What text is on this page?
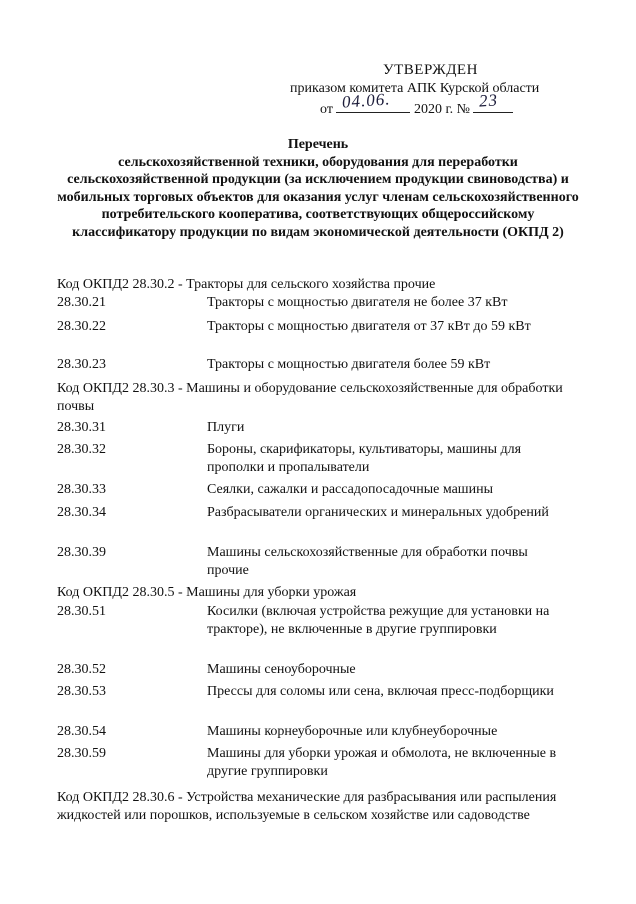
УТВЕРЖДЕН
приказом комитета АПК Курской области
от 04.06. 2020 г. № 23
Перечень
сельскохозяйственной техники, оборудования для переработки сельскохозяйственной продукции (за исключением продукции свиноводства) и мобильных торговых объектов для оказания услуг членам сельскохозяйственного потребительского кооператива, соответствующих общероссийскому классификатору продукции по видам экономической деятельности (ОКПД 2)
Код ОКПД2 28.30.2 - Тракторы для сельского хозяйства прочие
28.30.21	Тракторы с мощностью двигателя не более 37 кВт
28.30.22	Тракторы с мощностью двигателя от 37 кВт до 59 кВт
28.30.23	Тракторы с мощностью двигателя более 59 кВт
Код ОКПД2 28.30.3 - Машины и оборудование сельскохозяйственные для обработки почвы
28.30.31	Плуги
28.30.32	Бороны, скарификаторы, культиваторы, машины для прополки и пропалыватели
28.30.33	Сеялки, сажалки и рассадопосадочные машины
28.30.34	Разбрасыватели органических и минеральных удобрений
28.30.39	Машины сельскохозяйственные для обработки почвы прочие
Код ОКПД2 28.30.5 - Машины для уборки урожая
28.30.51	Косилки (включая устройства режущие для установки на тракторе), не включенные в другие группировки
28.30.52	Машины сеноуборочные
28.30.53	Прессы для соломы или сена, включая пресс-подборщики
28.30.54	Машины корнеуборочные или клубнеуборочные
28.30.59	Машины для уборки урожая и обмолота, не включенные в другие группировки
Код ОКПД2 28.30.6 - Устройства механические для разбрасывания или распыления жидкостей или порошков, используемые в сельском хозяйстве или садоводстве
